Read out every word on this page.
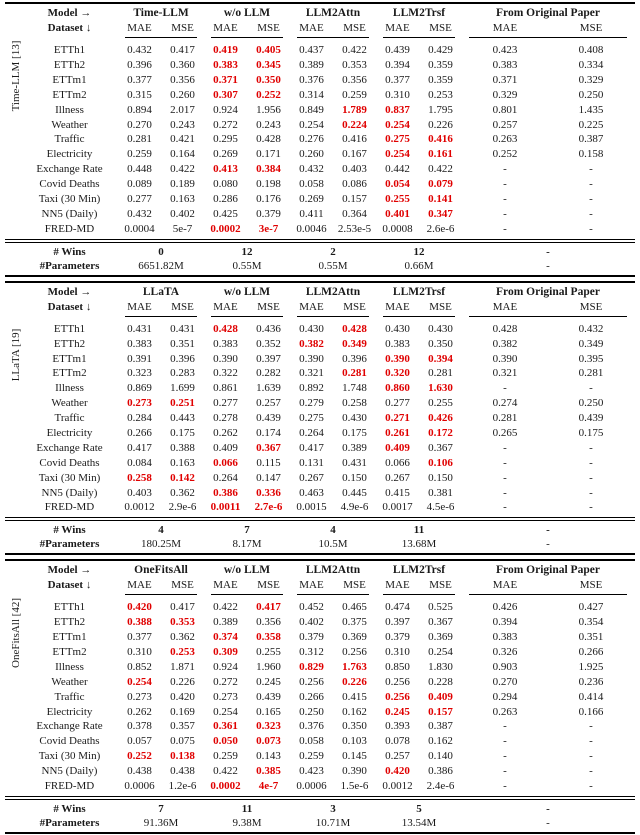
Time-LLM [13]
Model →	Time-LLM	w/o LLM	LLM2Attn	LLM2Trsf	From Original Paper
Dataset ↓	MAE	MSE	MAE	MSE	MAE	MSE	MAE	MSE	MAE	MSE
ETTh1	0.432	0.417	0.419	0.405	0.437	0.422	0.439	0.429	0.423	0.408
ETTh2	0.396	0.360	0.383	0.345	0.389	0.353	0.394	0.359	0.383	0.334
ETTm1	0.377	0.356	0.371	0.350	0.376	0.356	0.377	0.359	0.371	0.329
ETTm2	0.315	0.260	0.307	0.252	0.314	0.259	0.310	0.253	0.329	0.250
Illness	0.894	2.017	0.924	1.956	0.849	1.789	0.837	1.795	0.801	1.435
Weather	0.270	0.243	0.272	0.243	0.254	0.224	0.254	0.226	0.257	0.225
Traffic	0.281	0.421	0.295	0.428	0.276	0.416	0.275	0.416	0.263	0.387
Electricity	0.259	0.164	0.269	0.171	0.260	0.167	0.254	0.161	0.252	0.158
Exchange Rate	0.448	0.422	0.413	0.384	0.432	0.403	0.442	0.422	-	-
Covid Deaths	0.089	0.189	0.080	0.198	0.058	0.086	0.054	0.079	-	-
Taxi (30 Min)	0.277	0.163	0.286	0.176	0.269	0.157	0.255	0.141	-	-
NN5 (Daily)	0.432	0.402	0.425	0.379	0.411	0.364	0.401	0.347	-	-
FRED-MD	0.0004	5e-7	0.0002	3e-7	0.0046	2.53e-5	0.0008	2.6e-6	-	-
# Wins	0	12	2	12	-
#Parameters	6651.82M	0.55M	0.55M	0.66M	-
LLaTA [19]
Model →	LLaTA	w/o LLM	LLM2Attn	LLM2Trsf	From Original Paper
Dataset ↓	MAE	MSE	MAE	MSE	MAE	MSE	MAE	MSE	MAE	MSE
ETTh1	0.431	0.431	0.428	0.436	0.430	0.428	0.430	0.430	0.428	0.432
ETTh2	0.383	0.351	0.383	0.352	0.382	0.349	0.383	0.350	0.382	0.349
ETTm1	0.391	0.396	0.390	0.397	0.390	0.396	0.390	0.394	0.390	0.395
ETTm2	0.323	0.283	0.322	0.282	0.321	0.281	0.320	0.281	0.321	0.281
Illness	0.869	1.699	0.861	1.639	0.892	1.748	0.860	1.630	-	-
Weather	0.273	0.251	0.277	0.257	0.279	0.258	0.277	0.255	0.274	0.250
Traffic	0.284	0.443	0.278	0.439	0.275	0.430	0.271	0.426	0.281	0.439
Electricity	0.266	0.175	0.262	0.174	0.264	0.175	0.261	0.172	0.265	0.175
Exchange Rate	0.417	0.388	0.409	0.367	0.417	0.389	0.409	0.367	-	-
Covid Deaths	0.084	0.163	0.066	0.115	0.131	0.431	0.066	0.106	-	-
Taxi (30 Min)	0.258	0.142	0.264	0.147	0.267	0.150	0.267	0.150	-	-
NN5 (Daily)	0.403	0.362	0.386	0.336	0.463	0.445	0.415	0.381	-	-
FRED-MD	0.0012	2.9e-6	0.0011	2.7e-6	0.0015	4.9e-6	0.0017	4.5e-6	-	-
# Wins	4	7	4	11	-
#Parameters	180.25M	8.17M	10.5M	13.68M	-
OneFitsAll [42]
Model →	OneFitsAll	w/o LLM	LLM2Attn	LLM2Trsf	From Original Paper
Dataset ↓	MAE	MSE	MAE	MSE	MAE	MSE	MAE	MSE	MAE	MSE
ETTh1	0.420	0.417	0.422	0.417	0.452	0.465	0.474	0.525	0.426	0.427
ETTh2	0.388	0.353	0.389	0.356	0.402	0.375	0.397	0.367	0.394	0.354
ETTm1	0.377	0.362	0.374	0.358	0.379	0.369	0.379	0.369	0.383	0.351
ETTm2	0.310	0.253	0.309	0.255	0.312	0.256	0.310	0.254	0.326	0.266
Illness	0.852	1.871	0.924	1.960	0.829	1.763	0.850	1.830	0.903	1.925
Weather	0.254	0.226	0.272	0.245	0.256	0.226	0.256	0.228	0.270	0.236
Traffic	0.273	0.420	0.273	0.439	0.266	0.415	0.256	0.409	0.294	0.414
Electricity	0.262	0.169	0.254	0.165	0.250	0.162	0.245	0.157	0.263	0.166
Exchange Rate	0.378	0.357	0.361	0.323	0.376	0.350	0.393	0.387	-	-
Covid Deaths	0.057	0.075	0.050	0.073	0.058	0.103	0.078	0.162	-	-
Taxi (30 Min)	0.252	0.138	0.259	0.143	0.259	0.145	0.257	0.140	-	-
NN5 (Daily)	0.438	0.438	0.422	0.385	0.423	0.390	0.420	0.386	-	-
FRED-MD	0.0006	1.2e-6	0.0002	4e-7	0.0006	1.5e-6	0.0012	2.4e-6	-	-
# Wins	7	11	3	5	-
#Parameters	91.36M	9.38M	10.71M	13.54M	-
